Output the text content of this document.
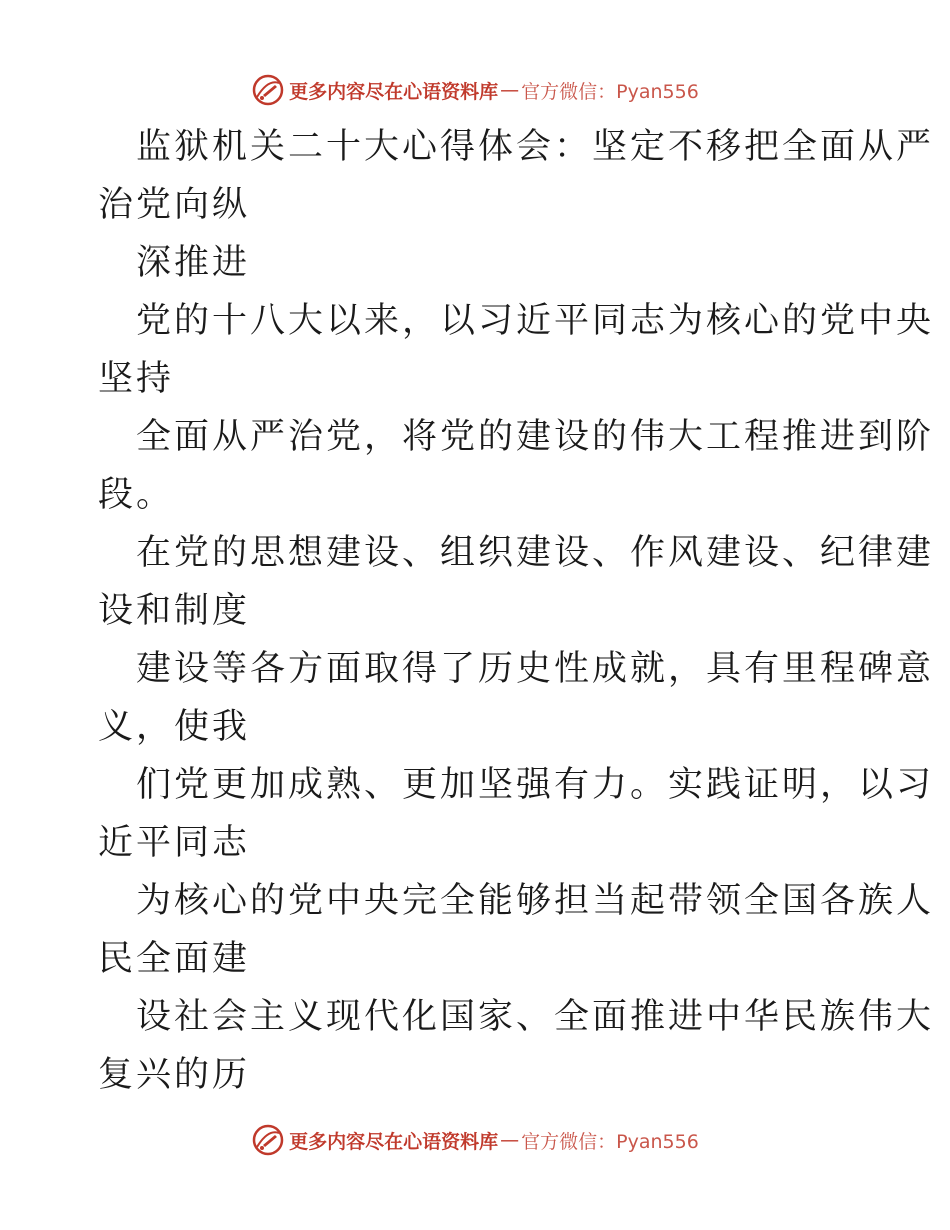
更多内容尽在心语资料库 — 官方微信：Pyan556
监狱机关二十大心得体会：坚定不移把全面从严
治党向纵
深推进
党的十八大以来，以习近平同志为核心的党中央
坚持
全面从严治党，将党的建设的伟大工程推进到阶
段。
在党的思想建设、组织建设、作风建设、纪律建
设和制度
建设等各方面取得了历史性成就，具有里程碑意
义，使我
们党更加成熟、更加坚强有力。实践证明，以习
近平同志
为核心的党中央完全能够担当起带领全国各族人
民全面建
设社会主义现代化国家、全面推进中华民族伟大
复兴的历
更多内容尽在心语资料库 — 官方微信：Pyan556
